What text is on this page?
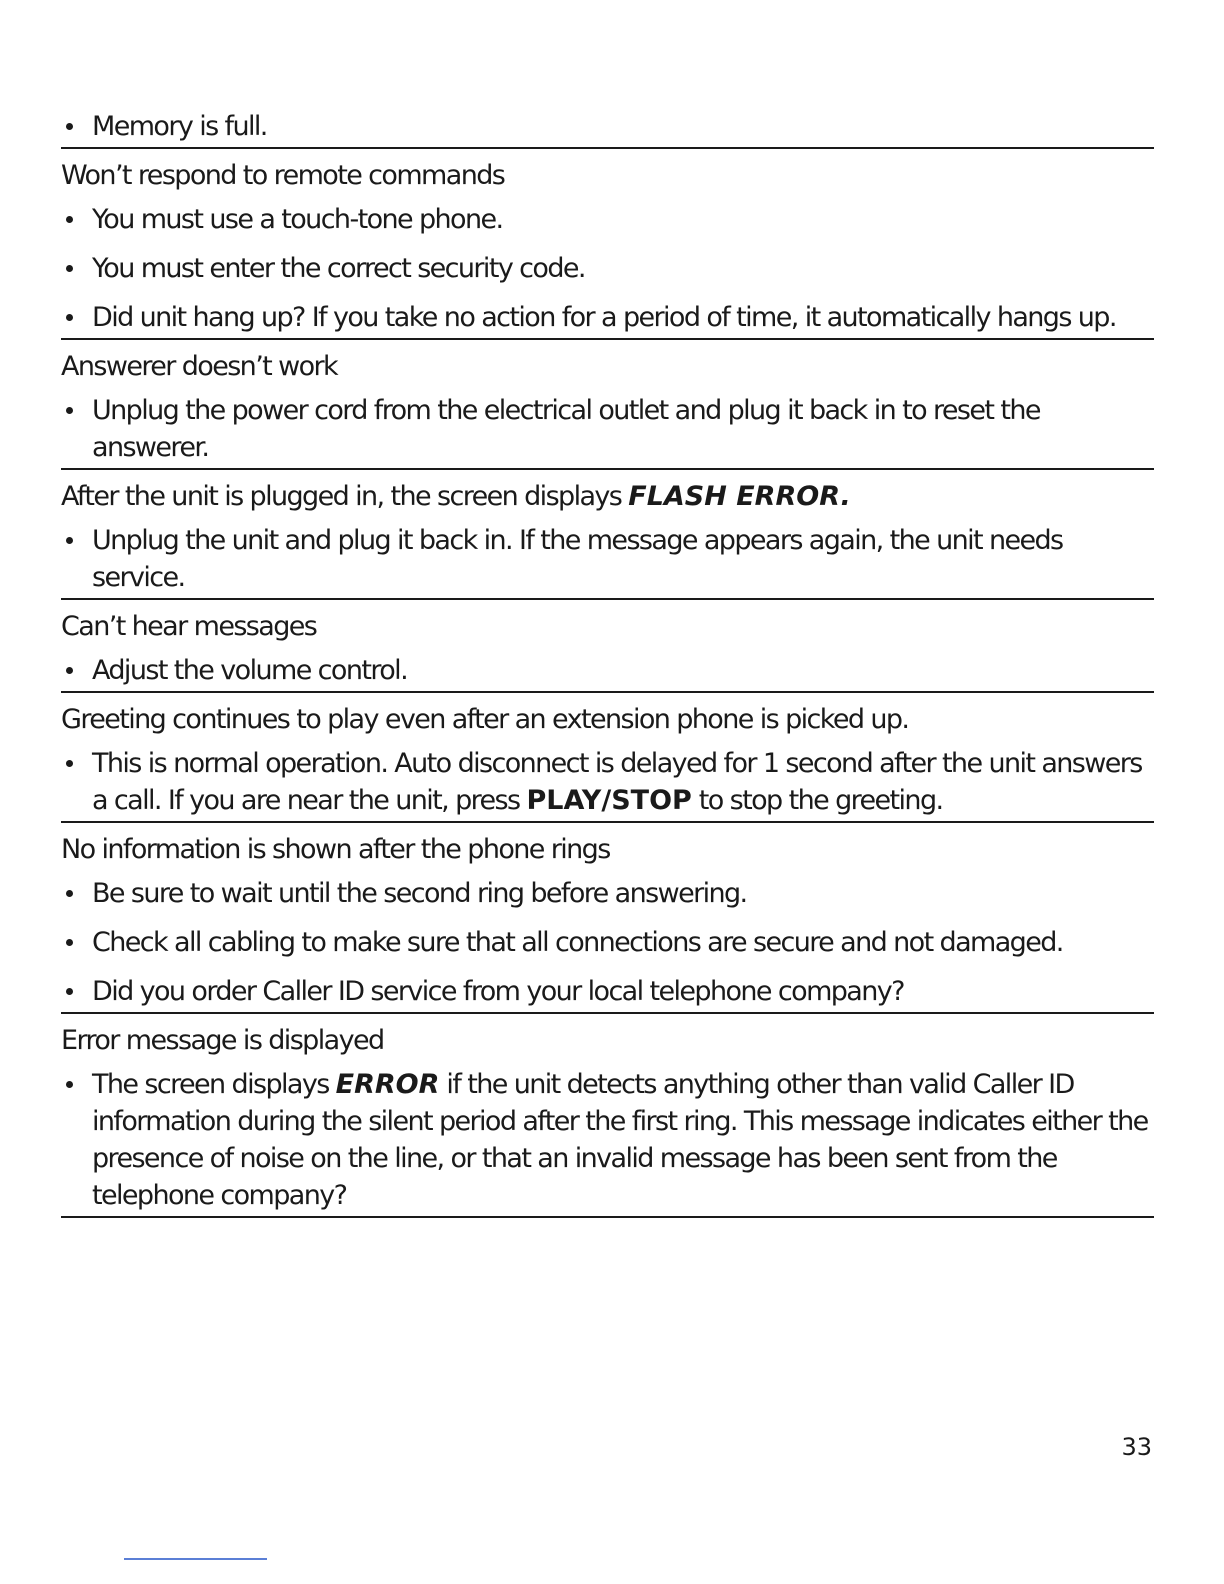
Memory is full.

Won’t respond to remote commands

You must use a touch-tone phone.

You must enter the correct security code.

Did unit hang up? If you take no action for a period of time, it automatically hangs up.

Answerer doesn’t work

Unplug the power cord from the electrical outlet and plug it back in to reset the answerer.

After the unit is plugged in, the screen displays FLASH ERROR.

Unplug the unit and plug it back in. If the message appears again, the unit needs service.

Can’t hear messages

Adjust the volume control.

Greeting continues to play even after an extension phone is picked up.

This is normal operation. Auto disconnect is delayed for 1 second after the unit answers a call. If you are near the unit, press PLAY/STOP to stop the greeting.

No information is shown after the phone rings

Be sure to wait until the second ring before answering.

Check all cabling to make sure that all connections are secure and not damaged.

Did you order Caller ID service from your local telephone company?

Error message is displayed

The screen displays ERROR if the unit detects anything other than valid Caller ID information during the silent period after the first ring. This message indicates either the presence of noise on the line, or that an invalid message has been sent from the telephone company?

33
